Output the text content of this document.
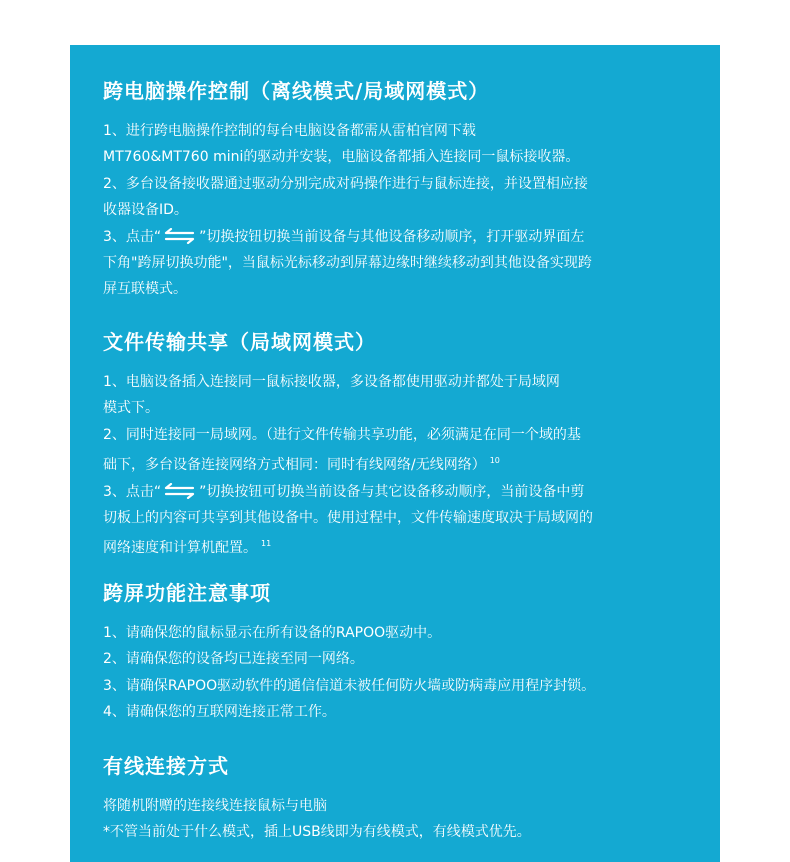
跨电脑操作控制（离线模式/局域网模式）

1、进行跨电脑操作控制的每台电脑设备都需从雷柏官网下载

MT760&MT760 mini的驱动并安装，电脑设备都插入连接同一鼠标接收器。

2、多台设备接收器通过驱动分别完成对码操作进行与鼠标连接，并设置相应接

收器设备ID。

3、点击“	”切换按钮切换当前设备与其他设备移动顺序，打开驱动界面左

下角"跨屏切换功能"，当鼠标光标移动到屏幕边缘时继续移动到其他设备实现跨

屏互联模式。

文件传输共享（局域网模式）

1、电脑设备插入连接同一鼠标接收器，多设备都使用驱动并都处于局域网

模式下。

2、同时连接同一局域网。（进行文件传输共享功能，必须满足在同一个域的基

础下，多台设备连接网络方式相同：同时有线网络/无线网络） $^{10}$

3、点击“	”切换按钮可切换当前设备与其它设备移动顺序，当前设备中剪

切板上的内容可共享到其他设备中。使用过程中，文件传输速度取决于局域网的

网络速度和计算机配置。 $^{11}$

跨屏功能注意事项

1、请确保您的鼠标显示在所有设备的RAPOO驱动中。

2、请确保您的设备均已连接至同一网络。

3、请确保RAPOO驱动软件的通信信道未被任何防火墙或防病毒应用程序封锁。

4、请确保您的互联网连接正常工作。

有线连接方式

将随机附赠的连接线连接鼠标与电脑

*不管当前处于什么模式，插上USB线即为有线模式，有线模式优先。
